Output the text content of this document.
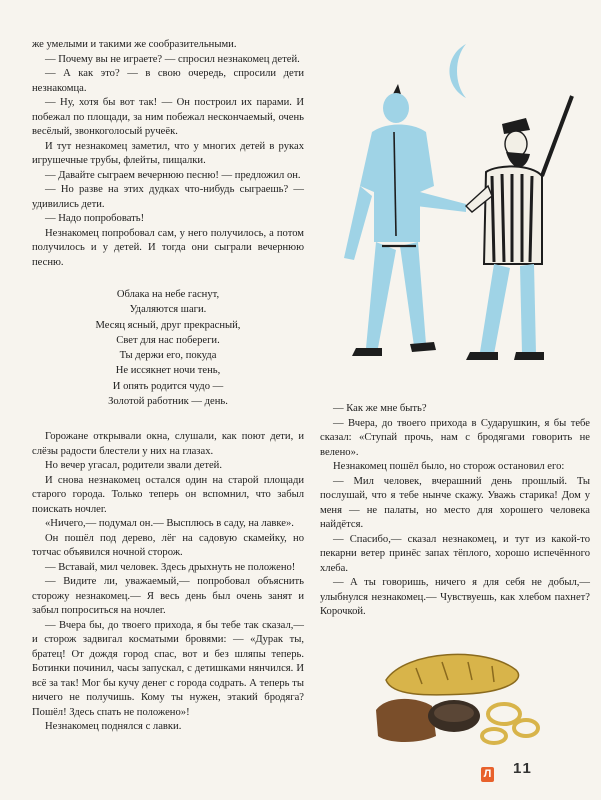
же умелыми и такими же сообразительными.

— Почему вы не играете? — спросил незнакомец детей.

— А как это? — в свою очередь, спросили дети незнакомца.

— Ну, хотя бы вот так! — Он построил их парами. И побежал по площади, за ним побежал нескончаемый, очень весёлый, звонкоголосый ручеёк.

И тут незнакомец заметил, что у многих детей в руках игрушечные трубы, флейты, пищалки.

— Давайте сыграем вечернюю песню! — предложил он.

— Но разве на этих дудках что-нибудь сыграешь? — удивились дети.

— Надо попробовать!

Незнакомец попробовал сам, у него получилось, а потом получилось и у детей. И тогда они сыграли вечернюю песню.

Облака на небе гаснут,
Удаляются шаги.
Месяц ясный, друг прекрасный,
Свет для нас побереги.
Ты держи его, покуда
Не иссякнет ночи тень,
И опять родится чудо —
Золотой работник — день.

Горожане открывали окна, слушали, как поют дети, и слёзы радости блестели у них на глазах.

Но вечер угасал, родители звали детей.

И снова незнакомец остался один на старой площади старого города. Только теперь он вспомнил, что забыл поискать ночлег.

«Ничего,— подумал он.— Высплюсь в саду, на лавке».

Он пошёл под дерево, лёг на садовую скамейку, но тотчас объявился ночной сторож.

— Вставай, мил человек. Здесь дрыхнуть не положено!

— Видите ли, уважаемый,— попробовал объяснить сторожу незнакомец.— Я весь день был очень занят и забыл попроситься на ночлег.

— Вчера бы, до твоего прихода, я бы тебе так сказал,— и сторож задвигал косматыми бровями: — «Дурак ты, братец! От дождя город спас, вот и без шляпы теперь. Ботинки починил, часы запускал, с детишками нянчился. И всё за так! Мог бы кучу денег с города содрать. А теперь ты ничего не получишь. Кому ты нужен, этакий бродяга? Пошёл! Здесь спать не положено»!

Незнакомец поднялся с лавки.

— Как же мне быть?

— Вчера, до твоего прихода в Сударушкин, я бы тебе сказал: «Ступай прочь, нам с бродягами говорить не велено».

Незнакомец пошёл было, но сторож остановил его:

— Мил человек, вчерашний день прошлый. Ты послушай, что я тебе нынче скажу. Уважь старика! Дом у меня — не палаты, но место для хорошего человека найдётся.

— Спасибо,— сказал незнакомец, и тут из какой-то пекарни ветер принёс запах тёплого, хорошо испечённого хлеба.

— А ты говоришь, ничего я для себя не добыл,— улыбнулся незнакомец.— Чувствуешь, как хлебом пахнет? Корочкой.

Л 11
